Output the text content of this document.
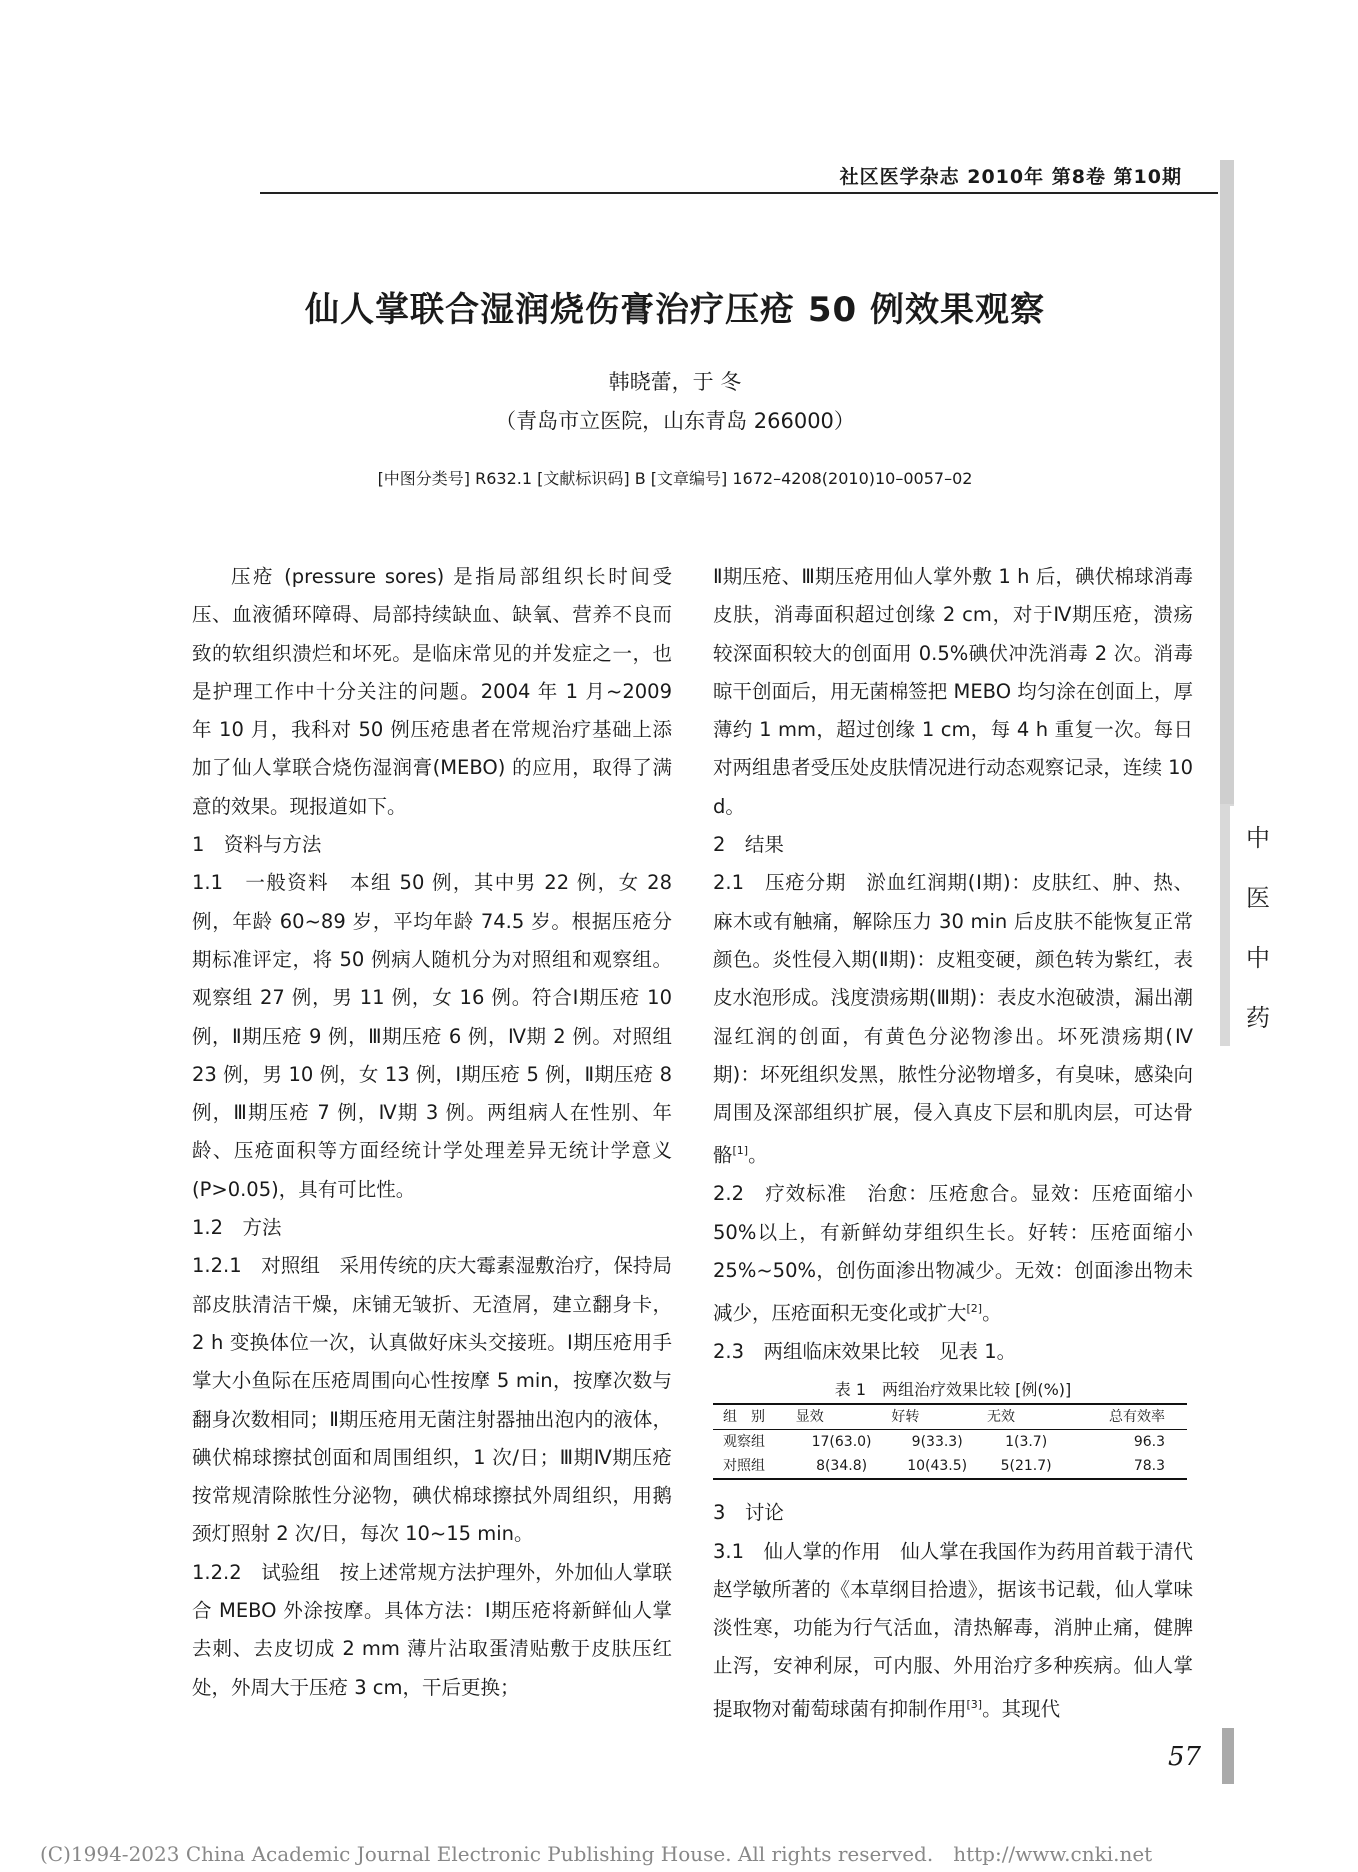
社区医学杂志 2010年 第8卷 第10期
中
医
中
药
仙人掌联合湿润烧伤膏治疗压疮 50 例效果观察
韩晓蕾，于 冬
（青岛市立医院，山东青岛 266000）
[中图分类号] R632.1 [文献标识码] B [文章编号] 1672–4208(2010)10–0057–02

压疮 (pressure sores) 是指局部组织长时间受压、血液循环障碍、局部持续缺血、缺氧、营养不良而致的软组织溃烂和坏死。是临床常见的并发症之一，也是护理工作中十分关注的问题。2004 年 1 月~2009 年 10 月，我科对 50 例压疮患者在常规治疗基础上添加了仙人掌联合烧伤湿润膏(MEBO) 的应用，取得了满意的效果。现报道如下。

1　资料与方法

1.1　一般资料　本组 50 例，其中男 22 例，女 28 例，年龄 60~89 岁，平均年龄 74.5 岁。根据压疮分期标准评定，将 50 例病人随机分为对照组和观察组。观察组 27 例，男 11 例，女 16 例。符合Ⅰ期压疮 10 例，Ⅱ期压疮 9 例，Ⅲ期压疮 6 例，Ⅳ期 2 例。对照组 23 例，男 10 例，女 13 例，Ⅰ期压疮 5 例，Ⅱ期压疮 8 例，Ⅲ期压疮 7 例，Ⅳ期 3 例。两组病人在性别、年龄、压疮面积等方面经统计学处理差异无统计学意义(P>0.05)，具有可比性。

1.2　方法

1.2.1　对照组　采用传统的庆大霉素湿敷治疗，保持局部皮肤清洁干燥，床铺无皱折、无渣屑，建立翻身卡，2 h 变换体位一次，认真做好床头交接班。Ⅰ期压疮用手掌大小鱼际在压疮周围向心性按摩 5 min，按摩次数与翻身次数相同；Ⅱ期压疮用无菌注射器抽出泡内的液体，碘伏棉球擦拭创面和周围组织，1 次/日；Ⅲ期Ⅳ期压疮按常规清除脓性分泌物，碘伏棉球擦拭外周组织，用鹅颈灯照射 2 次/日，每次 10~15 min。

1.2.2　试验组　按上述常规方法护理外，外加仙人掌联合 MEBO 外涂按摩。具体方法：Ⅰ期压疮将新鲜仙人掌去刺、去皮切成 2 mm 薄片沾取蛋清贴敷于皮肤压红处，外周大于压疮 3 cm，干后更换；

Ⅱ期压疮、Ⅲ期压疮用仙人掌外敷 1 h 后，碘伏棉球消毒皮肤，消毒面积超过创缘 2 cm，对于Ⅳ期压疮，溃疡较深面积较大的创面用 0.5%碘伏冲洗消毒 2 次。消毒晾干创面后，用无菌棉签把 MEBO 均匀涂在创面上，厚薄约 1 mm，超过创缘 1 cm，每 4 h 重复一次。每日对两组患者受压处皮肤情况进行动态观察记录，连续 10 d。

2　结果

2.1　压疮分期　淤血红润期(Ⅰ期)：皮肤红、肿、热、麻木或有触痛，解除压力 30 min 后皮肤不能恢复正常颜色。炎性侵入期(Ⅱ期)：皮粗变硬，颜色转为紫红，表皮水泡形成。浅度溃疡期(Ⅲ期)：表皮水泡破溃，漏出潮湿红润的创面，有黄色分泌物渗出。坏死溃疡期(Ⅳ期)：坏死组织发黑，脓性分泌物增多，有臭味，感染向周围及深部组织扩展，侵入真皮下层和肌肉层，可达骨骼[1]。

2.2　疗效标准　治愈：压疮愈合。显效：压疮面缩小 50%以上，有新鲜幼芽组织生长。好转：压疮面缩小 25%~50%，创伤面渗出物减少。无效：创面渗出物未减少，压疮面积无变化或扩大[2]。

2.3　两组临床效果比较　见表 1。

表 1　两组治疗效果比较 [例(%)]
组　别	显效	好转	无效	总有效率
观察组	17(63.0)	9(33.3)	1(3.7)	96.3
对照组	8(34.8)	10(43.5)	5(21.7)	78.3

3　讨论

3.1　仙人掌的作用　仙人掌在我国作为药用首载于清代赵学敏所著的《本草纲目拾遗》，据该书记载，仙人掌味淡性寒，功能为行气活血，清热解毒，消肿止痛，健脾止泻，安神利尿，可内服、外用治疗多种疾病。仙人掌提取物对葡萄球菌有抑制作用[3]。其现代

57
(C)1994-2023 China Academic Journal Electronic Publishing House. All rights reserved.　http://www.cnki.net
